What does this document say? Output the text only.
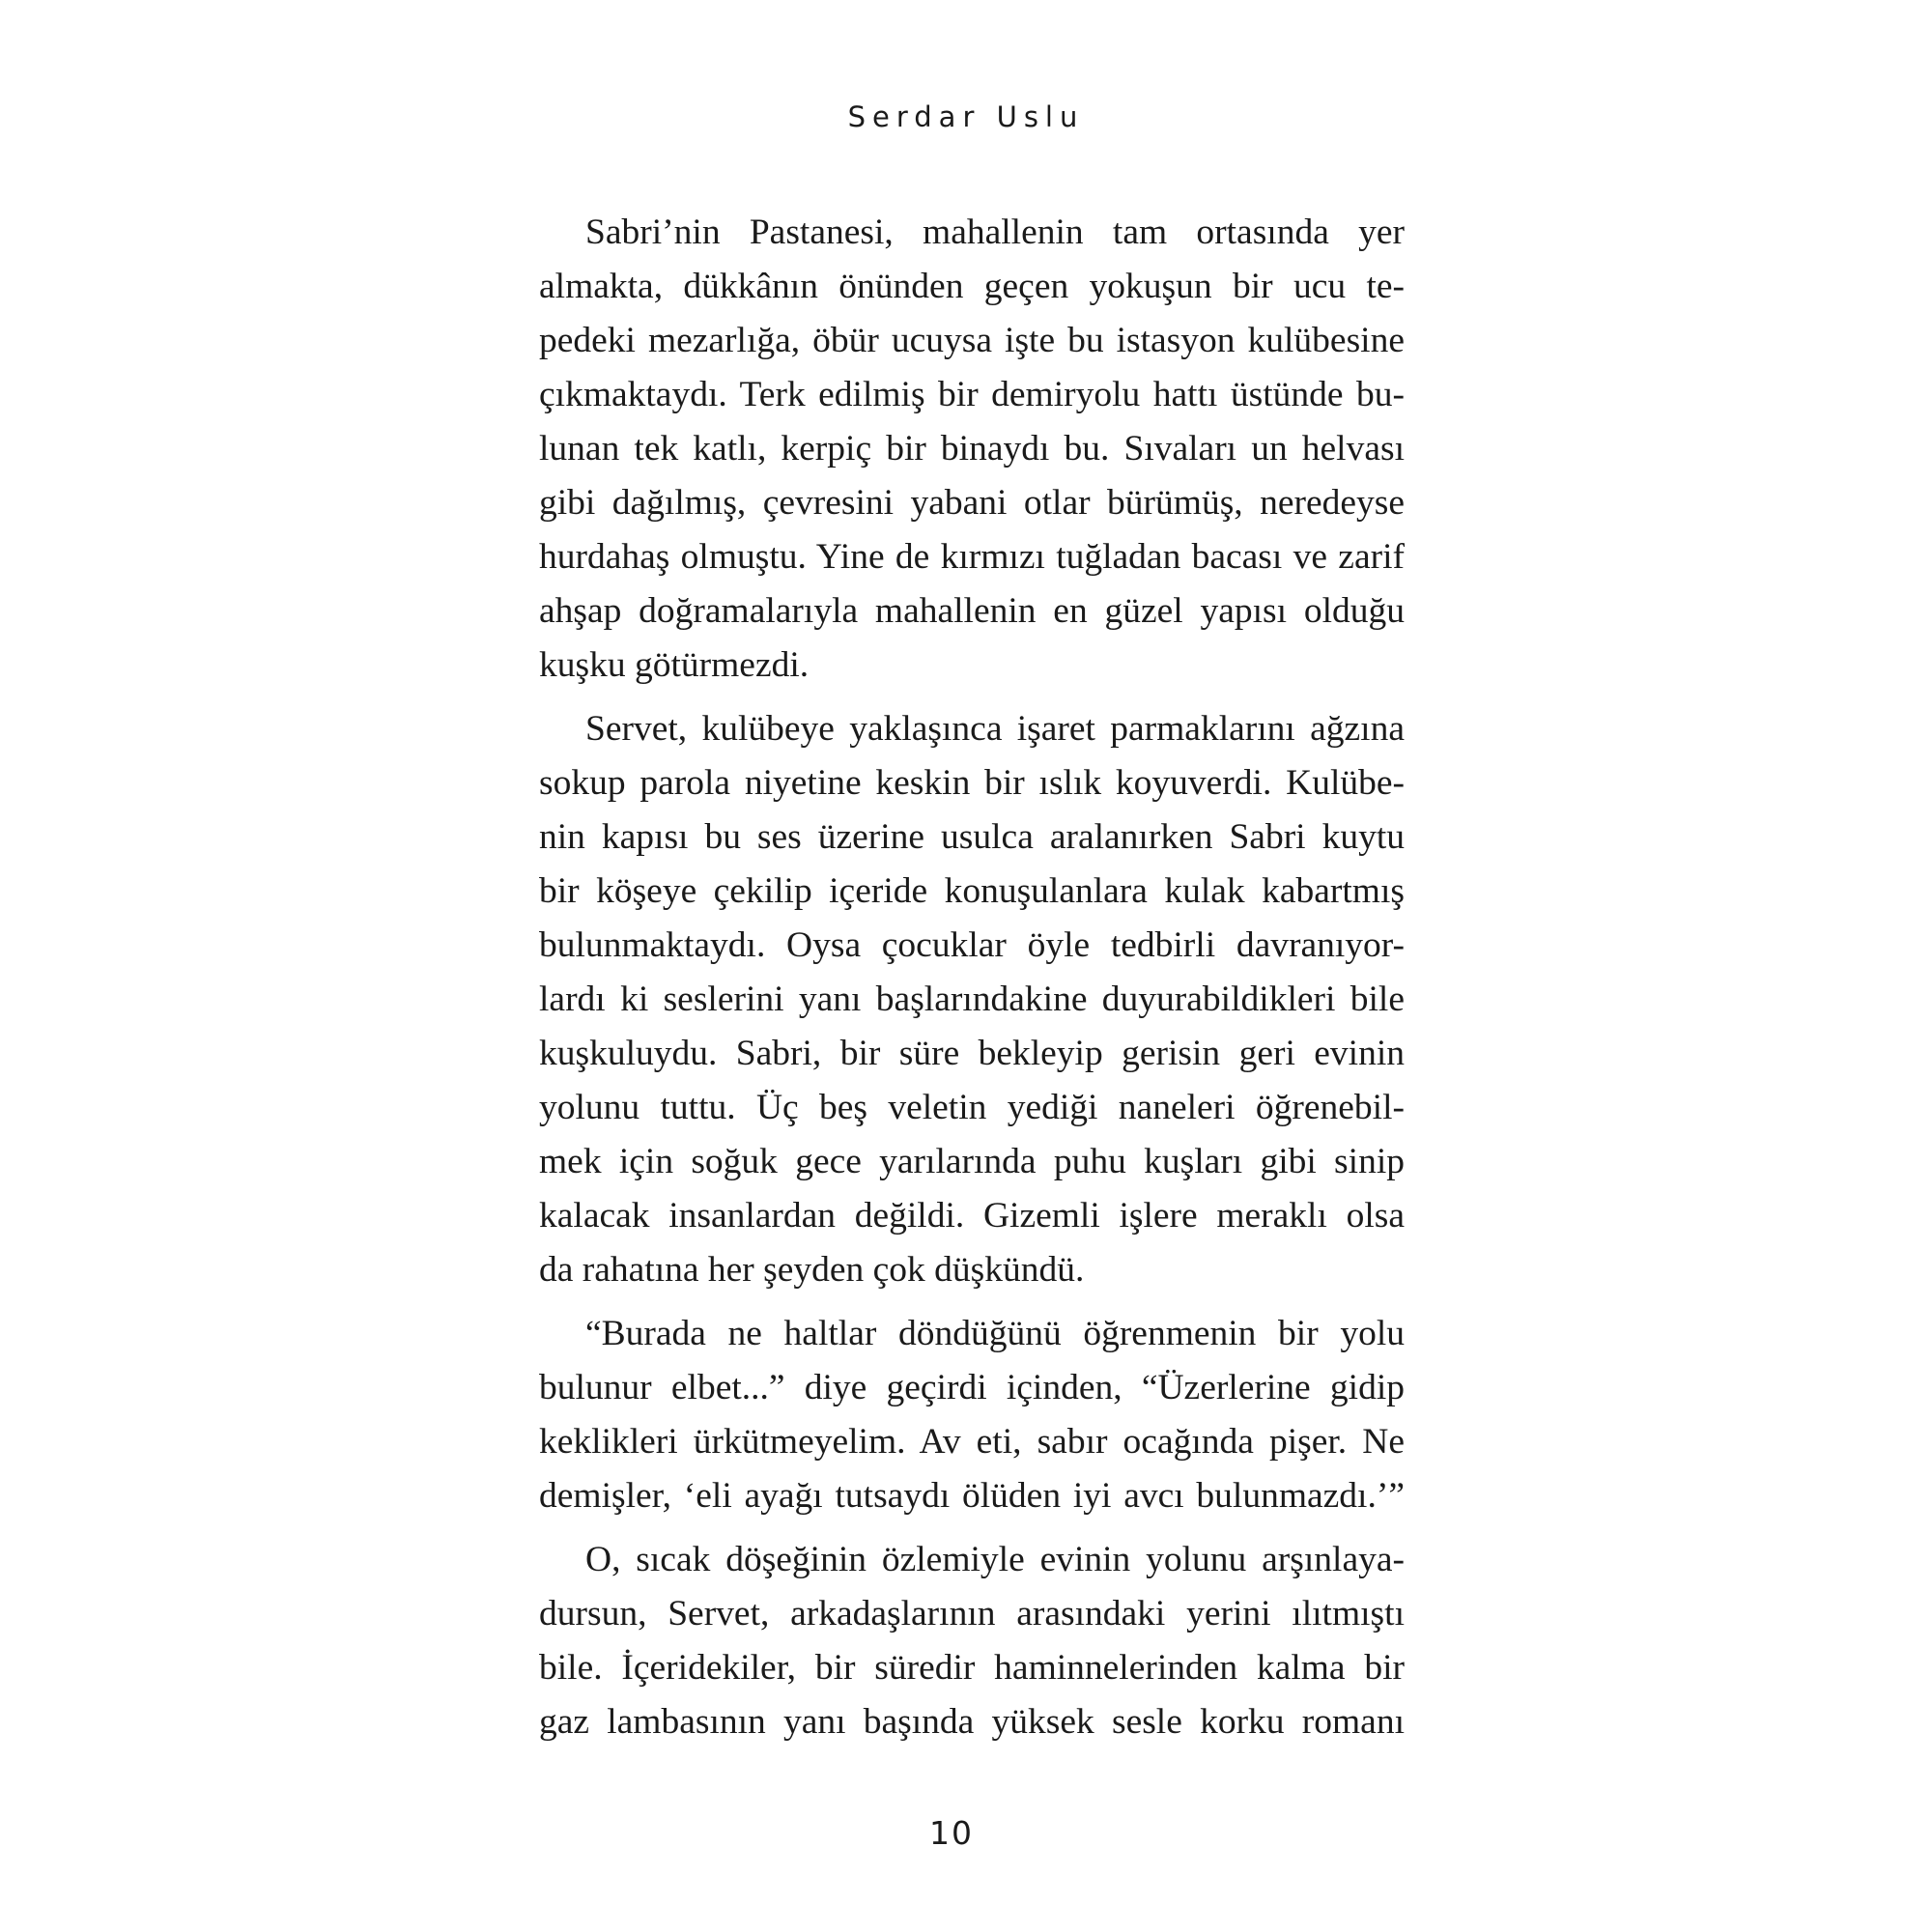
Serdar Uslu
Sabri’nin Pastanesi, mahallenin tam ortasında yer
almakta, dükkânın önünden geçen yokuşun bir ucu te-
pedeki mezarlığa, öbür ucuysa işte bu istasyon kulübesine
çıkmaktaydı. Terk edilmiş bir demiryolu hattı üstünde bu-
lunan tek katlı, kerpiç bir binaydı bu. Sıvaları un helvası
gibi dağılmış, çevresini yabani otlar bürümüş, neredeyse
hurdahaş olmuştu. Yine de kırmızı tuğladan bacası ve zarif
ahşap doğramalarıyla mahallenin en güzel yapısı olduğu
kuşku götürmezdi.
Servet, kulübeye yaklaşınca işaret parmaklarını ağzına
sokup parola niyetine keskin bir ıslık koyuverdi. Kulübe-
nin kapısı bu ses üzerine usulca aralanırken Sabri kuytu
bir köşeye çekilip içeride konuşulanlara kulak kabartmış
bulunmaktaydı. Oysa çocuklar öyle tedbirli davranıyor-
lardı ki seslerini yanı başlarındakine duyurabildikleri bile
kuşkuluydu. Sabri, bir süre bekleyip gerisin geri evinin
yolunu tuttu. Üç beş veletin yediği naneleri öğrenebil-
mek için soğuk gece yarılarında puhu kuşları gibi sinip
kalacak insanlardan değildi. Gizemli işlere meraklı olsa
da rahatına her şeyden çok düşkündü.
“Burada ne haltlar döndüğünü öğrenmenin bir yolu
bulunur elbet...” diye geçirdi içinden, “Üzerlerine gidip
keklikleri ürkütmeyelim. Av eti, sabır ocağında pişer. Ne
demişler, ‘eli ayağı tutsaydı ölüden iyi avcı bulunmazdı.’”
O, sıcak döşeğinin özlemiyle evinin yolunu arşınlaya-
dursun, Servet, arkadaşlarının arasındaki yerini ılıtmıştı
bile. İçeridekiler, bir süredir haminnelerinden kalma bir
gaz lambasının yanı başında yüksek sesle korku romanı
10
